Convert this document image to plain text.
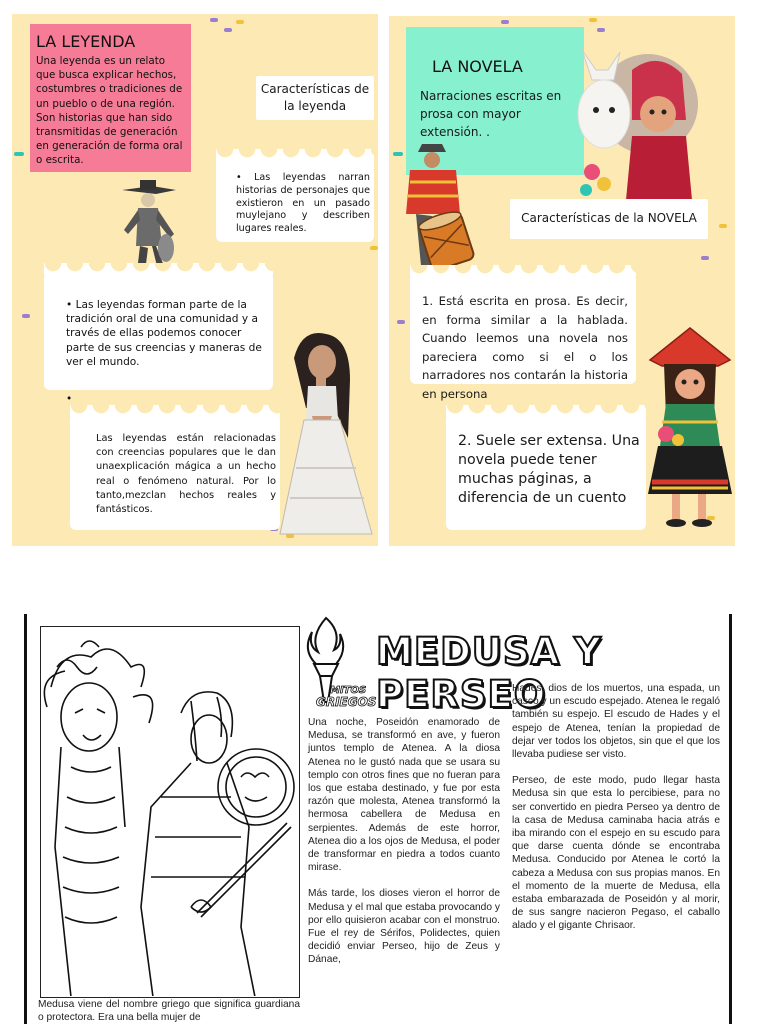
LA LEYENDA
Una leyenda es un relato que busca explicar hechos, costumbres o tradiciones de un pueblo o de una región. Son historias que han sido transmitidas de generación en generación de forma oral o escrita.
Características de la leyenda
• Las leyendas narran historias de personajes que existieron en un pasado muylejano y describen lugares reales.
• Las leyendas forman parte de la tradición oral de una comunidad y a través de ellas podemos conocer parte de sus creencias y maneras de ver el mundo.
•
Las leyendas están relacionadas con creencias populares que le dan unaexplicación mágica a un hecho real o fenómeno natural. Por lo tanto,mezclan hechos reales y fantásticos.
LA NOVELA
Narraciones escritas en prosa con mayor extensión. .
Características de la NOVELA
1. Está escrita en prosa. Es decir, en forma similar a la hablada. Cuando leemos una novela nos pareciera como si el o los narradores nos contarán la historia en persona
2. Suele ser extensa. Una novela puede tener muchas páginas, a diferencia de un cuento
MEDUSA Y PERSEO
MITOS
GRIEGOS

Una noche, Poseidón enamorado de Medusa, se transformó en ave, y fueron juntos templo de Atenea. A la diosa Atenea no le gustó nada que se usara su templo con otros fines que no fueran para los que estaba destinado, y fue por esta razón que molesta, Atenea transformó la hermosa cabellera de Medusa en serpientes. Además de este horror, Atenea dio a los ojos de Medusa, el poder de transformar en piedra a todos cuanto mirase.

Más tarde, los dioses vieron el horror de Medusa y el mal que estaba provocando y por ello quisieron acabar con el monstruo. Fue el rey de Sérifos, Polidectes, quien decidió enviar Perseo, hijo de Zeus y Dánae,

Hades, dios de los muertos, una espada, un casco y un escudo espejado. Atenea le regaló también su espejo. El escudo de Hades y el espejo de Atenea, tenían la propiedad de dejar ver todos los objetos, sin que el que los llevaba pudiese ser visto.

Perseo, de este modo, pudo llegar hasta Medusa sin que esta lo percibiese, para no ser convertido en piedra Perseo ya dentro de la casa de Medusa caminaba hacia atrás e iba mirando con el espejo en su escudo para que darse cuenta dónde se encontraba Medusa. Conducido por Atenea le cortó la cabeza a Medusa con sus propias manos. En el momento de la muerte de Medusa, ella estaba embarazada de Poseidón y al morir, de sus sangre nacieron Pegaso, el caballo alado y el gigante Chrisaor.

Medusa viene del nombre griego que significa guardiana o protectora. Era una bella mujer de
